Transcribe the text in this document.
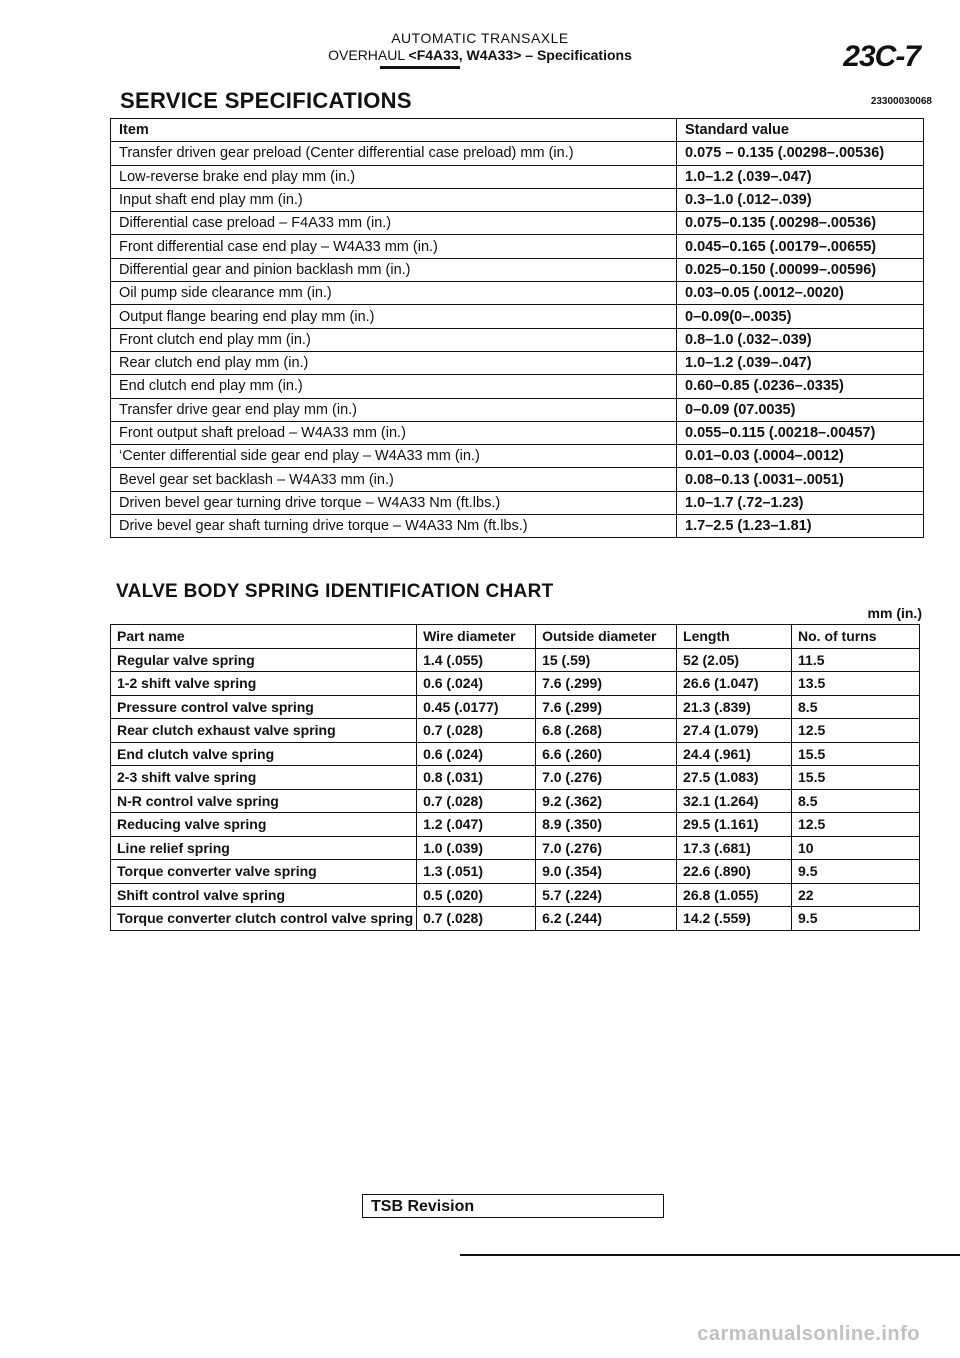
AUTOMATIC TRANSAXLE
OVERHAUL <F4A33, W4A33> – Specifications	23C-7
SERVICE SPECIFICATIONS	23300030068
Item	Standard value
Transfer driven gear preload (Center differential case preload) mm (in.)	0.075 – 0.135 (.00298–.00536)
Low-reverse brake end play mm (in.)	1.0–1.2 (.039–.047)
Input shaft end play mm (in.)	0.3–1.0 (.012–.039)
Differential case preload – F4A33 mm (in.)	0.075–0.135 (.00298–.00536)
Front differential case end play – W4A33 mm (in.)	0.045–0.165 (.00179–.00655)
Differential gear and pinion backlash mm (in.)	0.025–0.150 (.00099–.00596)
Oil pump side clearance mm (in.)	0.03–0.05 (.0012–.0020)
Output flange bearing end play mm (in.)	0–0.09(0–.0035)
Front clutch end play mm (in.)	0.8–1.0 (.032–.039)
Rear clutch end play mm (in.)	1.0–1.2 (.039–.047)
End clutch end play mm (in.)	0.60–0.85 (.0236–.0335)
Transfer drive gear end play mm (in.)	0–0.09 (07.0035)
Front output shaft preload – W4A33 mm (in.)	0.055–0.115 (.00218–.00457)
‘Center differential side gear end play – W4A33 mm (in.)	0.01–0.03 (.0004–.0012)
Bevel gear set backlash – W4A33 mm (in.)	0.08–0.13 (.0031–.0051)
Driven bevel gear turning drive torque – W4A33 Nm (ft.lbs.)	1.0–1.7 (.72–1.23)
Drive bevel gear shaft turning drive torque – W4A33 Nm (ft.lbs.)	1.7–2.5 (1.23–1.81)
VALVE BODY SPRING IDENTIFICATION CHART
mm (in.)
Part name	Wire diameter	Outside diameter	Length	No. of turns
Regular valve spring	1.4 (.055)	15 (.59)	52 (2.05)	11.5
1-2 shift valve spring	0.6 (.024)	7.6 (.299)	26.6 (1.047)	13.5
Pressure control valve spring	0.45 (.0177)	7.6 (.299)	21.3 (.839)	8.5
Rear clutch exhaust valve spring	0.7 (.028)	6.8 (.268)	27.4 (1.079)	12.5
End clutch valve spring	0.6 (.024)	6.6 (.260)	24.4 (.961)	15.5
2-3 shift valve spring	0.8 (.031)	7.0 (.276)	27.5 (1.083)	15.5
N-R control valve spring	0.7 (.028)	9.2 (.362)	32.1 (1.264)	8.5
Reducing valve spring	1.2 (.047)	8.9 (.350)	29.5 (1.161)	12.5
Line relief spring	1.0 (.039)	7.0 (.276)	17.3 (.681)	10
Torque converter valve spring	1.3 (.051)	9.0 (.354)	22.6 (.890)	9.5
Shift control valve spring	0.5 (.020)	5.7 (.224)	26.8 (1.055)	22
Torque converter clutch control valve spring	0.7 (.028)	6.2 (.244)	14.2 (.559)	9.5
TSB Revision
carmanualsonline.info
